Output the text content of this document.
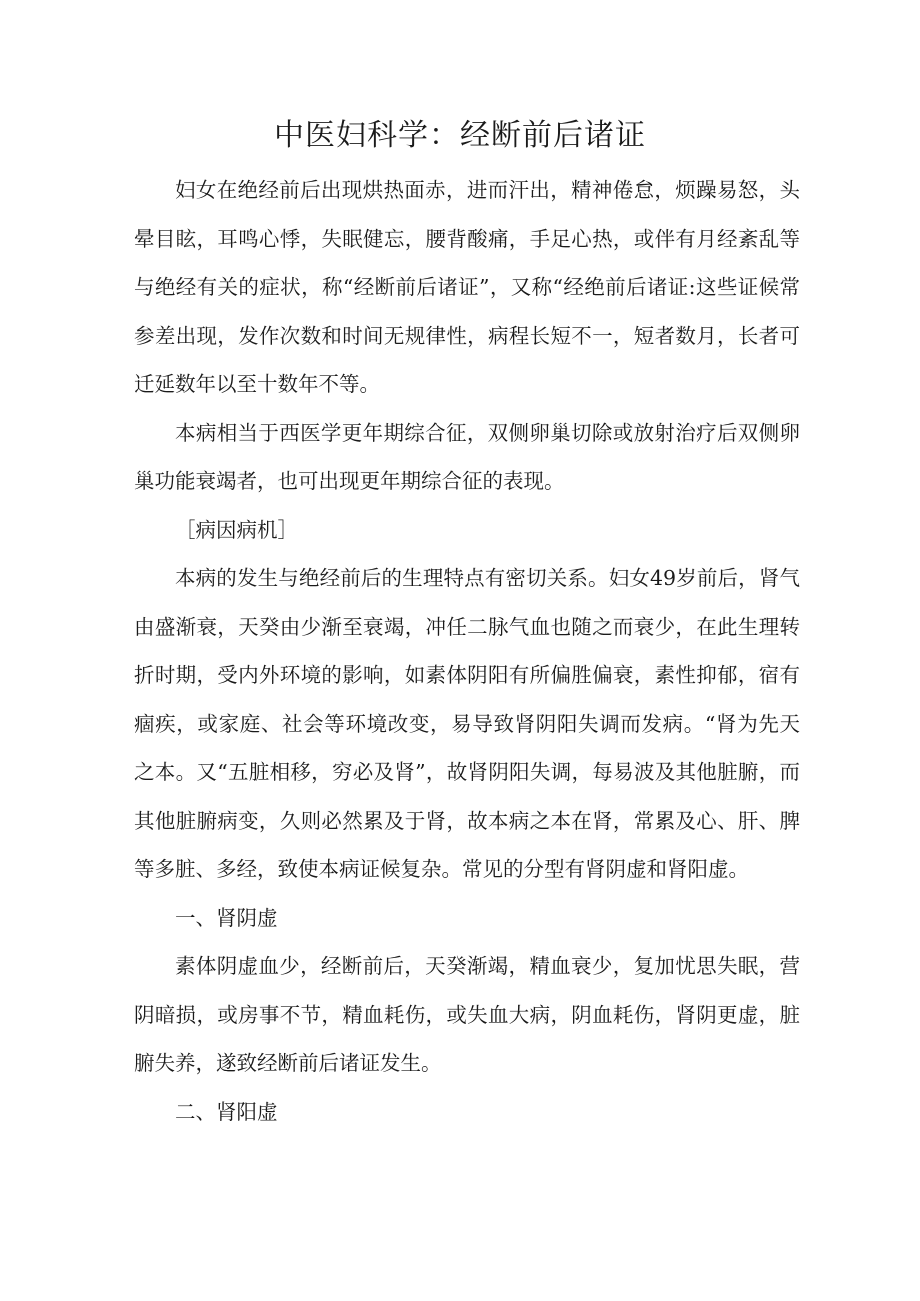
中医妇科学：经断前后诸证

妇女在绝经前后出现烘热面赤，进而汗出，精神倦怠，烦躁易怒，头晕目眩，耳鸣心悸，失眠健忘，腰背酸痛，手足心热，或伴有月经紊乱等与绝经有关的症状，称“经断前后诸证”，又称“经绝前后诸证:这些证候常参差出现，发作次数和时间无规律性，病程长短不一，短者数月，长者可迁延数年以至十数年不等。

本病相当于西医学更年期综合征，双侧卵巢切除或放射治疗后双侧卵巢功能衰竭者，也可出现更年期综合征的表现。

［病因病机］

本病的发生与绝经前后的生理特点有密切关系。妇女49岁前后，肾气由盛渐衰，天癸由少渐至衰竭，冲任二脉气血也随之而衰少，在此生理转折时期，受内外环境的影响，如素体阴阳有所偏胜偏衰，素性抑郁，宿有痼疾，或家庭、社会等环境改变，易导致肾阴阳失调而发病。“肾为先天之本。又“五脏相移，穷必及肾”，故肾阴阳失调，每易波及其他脏腑，而其他脏腑病变，久则必然累及于肾，故本病之本在肾，常累及心、肝、脾等多脏、多经，致使本病证候复杂。常见的分型有肾阴虚和肾阳虚。

一、肾阴虚

素体阴虚血少，经断前后，天癸渐竭，精血衰少，复加忧思失眠，营阴暗损，或房事不节，精血耗伤，或失血大病，阴血耗伤，肾阴更虚，脏腑失养，遂致经断前后诸证发生。

二、肾阳虚
